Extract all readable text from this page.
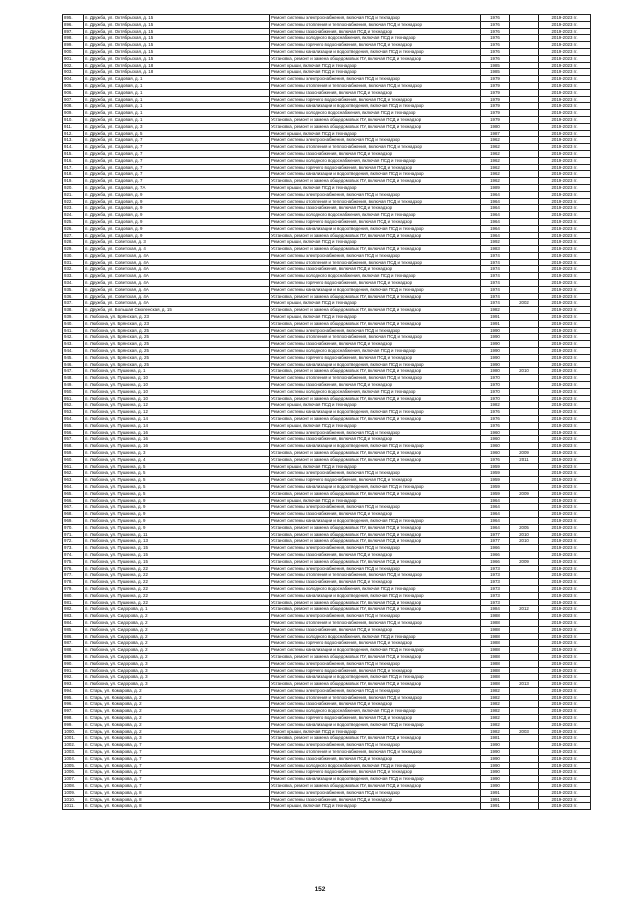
895.	п. Дружба, ул. Октябрьская, д. 15	Ремонт системы электроснабжения, включая ПСД и техпадзор	1976		2019-2023 гг.
896.	п. Дружба, ул. Октябрьская, д. 15	Ремонт системы отопления и теплоснабжения, включая ПСД и технадзор	1976		2019-2023 гг.
897.	п. Дружба, ул. Октябрьская, д. 15	Ремонт системы газоснабжения, включая ПСД и технадзор	1976		2019-2023 гг.
898.	п. Дружба, ул. Октябрьская, д. 15	Ремонт системы холодного водоснабжения, включая ПСД и технадзор	1976		2019-2023 гг.
899.	п. Дружба, ул. Октябрьская, д. 15	Ремонт системы горячего водоснабжения, включая ПСД и технадзор	1976		2019-2023 гг.
900.	п. Дружба, ул. Октябрьская, д. 15	Ремонт системы канализации и водоотведения, включая ПСД и технадзор	1976		2019-2023 гг.
901.	п. Дружба, ул. Октябрьская, д. 15	Установка, ремонт и замена общедомовых ПУ, включая ПСД и технадзор	1976		2019-2023 гг.
902.	п. Дружба, ул. Октябрьская, д. 18	Ремонт крыши, включая ПСД и технадзор	1985		2019-2023 гг.
903.	п. Дружба, ул. Октябрьская, д. 18	Ремонт крыши, включая ПСД и технадзор	1985		2019-2023 гг.
904.	п. Дружба, ул. Садовая, д. 1	Ремонт системы электроснабжения, включая ПСД и технадзор	1979		2019-2023 гг.
905.	п. Дружба, ул. Садовая, д. 1	Ремонт системы отопления и теплоснабжения, включая ПСД и технадзор	1979		2019-2023 гг.
906.	п. Дружба, ул. Садовая, д. 1	Ремонт системы газоснабжения, включая ПСД и технадзор	1979		2019-2023 гг.
907.	п. Дружба, ул. Садовая, д. 1	Ремонт системы горячего водоснабжения, включая ПСД и технадзор	1979		2019-2023 гг.
908.	п. Дружба, ул. Садовая, д. 1	Ремонт системы канализации и водоотведения, включая ПСД и технадзор	1979		2019-2023 гг.
909.	п. Дружба, ул. Садовая, д. 1	Ремонт системы холодного водоснабжения, включая ПСД и технадзор	1979		2019-2023 гг.
910.	п. Дружба, ул. Садовая, д. 1	Установка, ремонт и замена общедомовых ПУ, включая ПСД и технадзор	1979		2019-2023 гг.
911.	п. Дружба, ул. Садовая, д. 3	Установка, ремонт и замена общедомовых ПУ, включая ПСД и технадзор	1980		2019-2023 гг.
912.	п. Дружба, ул. Садовая, д. 5	Ремонт крыши, включая ПСД и технадзор	1987		2019-2023 гг.
913.	п. Дружба, ул. Садовая, д. 7	Ремонт системы электроснабжения, включая ПСД и технадзор	1962		2019-2023 гг.
914.	п. Дружба, ул. Садовая, д. 7	Ремонт системы отопления и теплоснабжения, включая ПСД и технадзор	1962		2019-2023 гг.
915.	п. Дружба, ул. Садовая, д. 7	Ремонт системы газоснабжения, включая ПСД и технадзор	1962		2019-2023 гг.
916.	п. Дружба, ул. Садовая, д. 7	Ремонт системы холодного водоснабжения, включая ПСД и технадзор	1962		2019-2023 гг.
917.	п. Дружба, ул. Садовая, д. 7	Ремонт системы горячего водоснабжения, включая ПСД и технадзор	1962		2019-2023 гг.
918.	п. Дружба, ул. Садовая, д. 7	Ремонт системы канализации и водоотведения, включая ПСД и технадзор	1962		2019-2023 гг.
919.	п. Дружба, ул. Садовая, д. 7	Установка, ремонт и замена общедомовых ПУ, включая ПСД и технадзор	1962		2019-2023 гг.
920.	п. Дружба, ул. Садовая, д. 7А	Ремонт крыши, включая ПСД и технадзор	1989		2019-2023 гг.
921.	п. Дружба, ул. Садовая, д. 9	Ремонт системы электроснабжения, включая ПСД и технадзор	1964		2019-2023 гг.
922.	п. Дружба, ул. Садовая, д. 9	Ремонт системы отопления и теплоснабжения, включая ПСД и технадзор	1964		2019-2023 гг.
923.	п. Дружба, ул. Садовая, д. 9	Ремонт системы газоснабжения, включая ПСД и технадзор	1964		2019-2023 гг.
924.	п. Дружба, ул. Садовая, д. 9	Ремонт системы холодного водоснабжения, включая ПСД и технадзор	1964		2019-2023 гг.
925.	п. Дружба, ул. Садовая, д. 9	Ремонт системы горячего водоснабжения, включая ПСД и технадзор	1964		2019-2023 гг.
926.	п. Дружба, ул. Садовая, д. 9	Ремонт системы канализации и водоотведения, включая ПСД и технадзор	1964		2019-2023 гг.
927.	п. Дружба, ул. Садовая, д. 9	Установка, ремонт и замена общедомовых ПУ, включая ПСД и технадзор	1964		2019-2023 гг.
928.	п. Дружба, ул. Советская, д. 3	Ремонт крыши, включая ПСД и технадзор	1992		2019-2023 гг.
929.	п. Дружба, ул. Советская, д. 4	Установка, ремонт и замена общедомовых ПУ, включая ПСД и технадзор	1983		2019-2023 гг.
930.	п. Дружба, ул. Советская, д. 4А	Ремонт системы электроснабжения, включая ПСД и технадзор	1974		2019-2023 гг.
931.	п. Дружба, ул. Советская, д. 4А	Ремонт системы отопления и теплоснабжения, включая ПСД и технадзор	1974		2019-2023 гг.
932.	п. Дружба, ул. Советская, д. 4А	Ремонт системы газоснабжения, включая ПСД и технадзор	1974		2019-2023 гг.
933.	п. Дружба, ул. Советская, д. 4А	Ремонт системы холодного водоснабжения, включая ПСД и технадзор	1974		2019-2023 гг.
934.	п. Дружба, ул. Советская, д. 4А	Ремонт системы горячего водоснабжения, включая ПСД и технадзор	1974		2019-2023 гг.
935.	п. Дружба, ул. Советская, д. 4А	Ремонт системы канализации и водоотведения, включая ПСД и технадзор	1974		2019-2023 гг.
936.	п. Дружба, ул. Советская, д. 4А	Установка, ремонт и замена общедомовых ПУ, включая ПСД и технадзор	1974		2019-2023 гг.
937.	п. Дружба, ул. Советская, д. 4А	Ремонт крыши, включая ПСД и технадзор	1974	2002	2019-2023 гг.
938.	п. Дружба, ул. Большая Смоленская, д. 15	Установка, ремонт и замена общедомовых ПУ, включая ПСД и технадзор	1982		2019-2023 гг.
939.	п. Любохна, ул. Брянская, д. 23	Ремонт крыши, включая ПСД и технадзор	1991		2019-2023 гг.
940.	п. Любохна, ул. Брянская, д. 23	Установка, ремонт и замена общедомовых ПУ, включая ПСД и технадзор	1991		2019-2023 гг.
941.	п. Любохна, ул. Брянская, д. 25	Ремонт системы электроснабжения, включая ПСД и технадзор	1990		2019-2023 гг.
942.	п. Любохна, ул. Брянская, д. 25	Ремонт системы отопления и теплоснабжения, включая ПСД и технадзор	1990		2019-2023 гг.
943.	п. Любохна, ул. Брянская, д. 25	Ремонт системы газоснабжения, включая ПСД и технадзор	1990		2019-2023 гг.
944.	п. Любохна, ул. Брянская, д. 25	Ремонт системы холодного водоснабжения, включая ПСД и технадзор	1990		2019-2023 гг.
945.	п. Любохна, ул. Брянская, д. 25	Ремонт системы горячего водоснабжения, включая ПСД и технадзор	1990		2019-2023 гг.
946.	п. Любохна, ул. Брянская, д. 25	Ремонт системы канализации и водоотведения, включая ПСД и технадзор	1990		2019-2023 гг.
947.	п. Любохна, ул. Пушкина, д. 1	Установка, ремонт и замена общедомовых ПУ, включая ПСД и технадзор	1980	2010	2019-2023 гг.
948.	п. Любохна, ул. Пушкина, д. 10	Ремонт системы отопления и теплоснабжения, включая ПСД и технадзор	1970		2019-2023 гг.
949.	п. Любохна, ул. Пушкина, д. 10	Ремонт системы газоснабжения, включая ПСД и технадзор	1970		2019-2023 гг.
950.	п. Любохна, ул. Пушкина, д. 10	Ремонт системы холодного водоснабжения, включая ПСД и технадзор	1970		2019-2023 гг.
951.	п. Любохна, ул. Пушкина, д. 10	Установка, ремонт и замена общедомовых ПУ, включая ПСД и технадзор	1970		2019-2023 гг.
952.	п. Любохна, ул. Пушкина, д. 12	Ремонт крыши, включая ПСД и технадзор	1982		2019-2023 гг.
953.	п. Любохна, ул. Пушкина, д. 12	Ремонт системы канализации и водоотведения, включая ПСД и технадзор	1976		2019-2023 гг.
954.	п. Любохна, ул. Пушкина, д. 14	Установка, ремонт и замена общедомовых ПУ, включая ПСД и технадзор	1976		2019-2023 гг.
955.	п. Любохна, ул. Пушкина, д. 14	Ремонт крыши, включая ПСД и технадзор	1976		2019-2023 гг.
956.	п. Любохна, ул. Пушкина, д. 16	Ремонт системы электроснабжения, включая ПСД и технадзор	1960		2019-2023 гг.
957.	п. Любохна, ул. Пушкина, д. 16	Ремонт системы газоснабжения, включая ПСД и технадзор	1960		2019-2023 гг.
958.	п. Любохна, ул. Пушкина, д. 16	Ремонт системы канализации и водоотведения, включая ПСД и технадзор	1960		2019-2023 гг.
959.	п. Любохна, ул. Пушкина, д. 3	Установка, ремонт и замена общедомовых ПУ, включая ПСД и технадзор	1960	2009	2019-2023 гг.
960.	п. Любохна, ул. Пушкина, д. 4	Установка, ремонт и замена общедомовых ПУ, включая ПСД и технадзор	1976	2011	2019-2023 гг.
961.	п. Любохна, ул. Пушкина, д. 5	Ремонт крыши, включая ПСД и технадзор	1959		2019-2023 гг.
962.	п. Любохна, ул. Пушкина, д. 5	Ремонт системы электроснабжения, включая ПСД и технадзор	1959		2019-2023 гг.
963.	п. Любохна, ул. Пушкина, д. 5	Ремонт системы горячего водоснабжения, включая ПСД и технадзор	1959		2019-2023 гг.
964.	п. Любохна, ул. Пушкина, д. 5	Ремонт системы канализации и водоотведения, включая ПСД и технадзор	1959		2019-2023 гг.
965.	п. Любохна, ул. Пушкина, д. 5	Установка, ремонт и замена общедомовых ПУ, включая ПСД и технадзор	1959	2009	2019-2023 гг.
966.	п. Любохна, ул. Пушкина, д. 9	Ремонт крыши, включая ПСД и технадзор	1964		2019-2023 гг.
967.	п. Любохна, ул. Пушкина, д. 9	Ремонт системы электроснабжения, включая ПСД и технадзор	1964		2019-2023 гг.
968.	п. Любохна, ул. Пушкина, д. 9	Ремонт системы газоснабжения, включая ПСД и технадзор	1964		2019-2023 гг.
969.	п. Любохна, ул. Пушкина, д. 9	Ремонт системы канализации и водоотведения, включая ПСД и технадзор	1964		2019-2023 гг.
970.	п. Любохна, ул. Пушкина, д. 9	Установка, ремонт и замена общедомовых ПУ, включая ПСД и технадзор	1964	2005	2019-2023 гг.
971.	п. Любохна, ул. Пушкина, д. 11	Установка, ремонт и замена общедомовых ПУ, включая ПСД и технадзор	1977	2010	2019-2023 гг.
972.	п. Любохна, ул. Пушкина, д. 13	Установка, ремонт и замена общедомовых ПУ, включая ПСД и технадзор	1977	2010	2019-2023 гг.
973.	п. Любохна, ул. Пушкина, д. 15	Ремонт системы электроснабжения, включая ПСД и технадзор	1966		2019-2023 гг.
974.	п. Любохна, ул. Пушкина, д. 15	Ремонт системы газоснабжения, включая ПСД и технадзор	1966		2019-2023 гг.
975.	п. Любохна, ул. Пушкина, д. 15	Установка, ремонт и замена общедомовых ПУ, включая ПСД и технадзор	1966	2009	2019-2023 гг.
976.	п. Любохна, ул. Пушкина, д. 22	Ремонт системы электроснабжения, включая ПСД и технадзор	1973		2019-2023 гг.
977.	п. Любохна, ул. Пушкина, д. 22	Ремонт системы отопления и теплоснабжения, включая ПСД и технадзор	1973		2019-2023 гг.
978.	п. Любохна, ул. Пушкина, д. 22	Ремонт системы газоснабжения, включая ПСД и технадзор	1973		2019-2023 гг.
979.	п. Любохна, ул. Пушкина, д. 22	Ремонт системы холодного водоснабжения, включая ПСД и технадзор	1973		2019-2023 гг.
980.	п. Любохна, ул. Пушкина, д. 22	Ремонт системы канализации и водоотведения, включая ПСД и технадзор	1973		2019-2023 гг.
981.	п. Любохна, ул. Пушкина, д. 22	Установка, ремонт и замена общедомовых ПУ, включая ПСД и технадзор	1973		2019-2023 гг.
982.	п. Любохна, ул. Сидорова, д. 1	Установка, ремонт и замена общедомовых ПУ, включая ПСД и технадзор	1984	2012	2019-2023 гг.
983.	п. Любохна, ул. Сидорова, д. 2	Ремонт системы электроснабжения, включая ПСД и технадзор	1988		2019-2023 гг.
984.	п. Любохна, ул. Сидорова, д. 2	Ремонт системы отопления и теплоснабжения, включая ПСД и технадзор	1988		2019-2023 гг.
985.	п. Любохна, ул. Сидорова, д. 2	Ремонт системы газоснабжения, включая ПСД и технадзор	1988		2019-2023 гг.
986.	п. Любохна, ул. Сидорова, д. 2	Ремонт системы холодного водоснабжения, включая ПСД и технадзор	1988		2019-2023 гг.
987.	п. Любохна, ул. Сидорова, д. 2	Ремонт системы горячего водоснабжения, включая ПСД и технадзор	1988		2019-2023 гг.
988.	п. Любохна, ул. Сидорова, д. 2	Ремонт системы канализации и водоотведения, включая ПСД и технадзор	1988		2019-2023 гг.
989.	п. Любохна, ул. Сидорова, д. 2	Установка, ремонт и замена общедомовых ПУ, включая ПСД и технадзор	1988		2019-2023 гг.
990.	п. Любохна, ул. Сидорова, д. 3	Ремонт системы электроснабжения, включая ПСД и технадзор	1988		2019-2023 гг.
991.	п. Любохна, ул. Сидорова, д. 3	Ремонт системы горячего водоснабжения, включая ПСД и технадзор	1988		2019-2023 гг.
992.	п. Любохна, ул. Сидорова, д. 3	Ремонт системы канализации и водоотведения, включая ПСД и технадзор	1988		2019-2023 гг.
993.	п. Любохна, ул. Сидорова, д. 3	Установка, ремонт и замена общедомовых ПУ, включая ПСД и технадзор	1988	2013	2019-2023 гг.
994.	п. Старь, ул. Комарова, д. 2	Ремонт системы электроснабжения, включая ПСД и технадзор	1982		2019-2023 гг.
995.	п. Старь, ул. Комарова, д. 2	Ремонт системы отопления и теплоснабжения, включая ПСД и технадзор	1982		2019-2023 гг.
996.	п. Старь, ул. Комарова, д. 2	Ремонт системы газоснабжения, включая ПСД и технадзор	1982		2019-2023 гг.
997.	п. Старь, ул. Комарова, д. 2	Ремонт системы холодного водоснабжения, включая ПСД и технадзор	1982		2019-2023 гг.
998.	п. Старь, ул. Комарова, д. 2	Ремонт системы горячего водоснабжения, включая ПСД и технадзор	1982		2019-2023 гг.
999.	п. Старь, ул. Комарова, д. 2	Ремонт системы канализации и водоотведения, включая ПСД и технадзор	1982		2019-2023 гг.
1000.	п. Старь, ул. Комарова, д. 2	Ремонт крыши, включая ПСД и технадзор	1982	2003	2019-2023 гг.
1001.	п. Старь, ул. Комарова, д. 3	Установка, ремонт и замена общедомовых ПУ, включая ПСД и технадзор	1981		2019-2023 гг.
1002.	п. Старь, ул. Комарова, д. 7	Ремонт системы электроснабжения, включая ПСД и технадзор	1990		2019-2023 гг.
1003.	п. Старь, ул. Комарова, д. 7	Ремонт системы отопления и теплоснабжения, включая ПСД и технадзор	1990		2019-2023 гг.
1004.	п. Старь, ул. Комарова, д. 7	Ремонт системы газоснабжения, включая ПСД и технадзор	1990		2019-2023 гг.
1005.	п. Старь, ул. Комарова, д. 7	Ремонт системы холодного водоснабжения, включая ПСД и технадзор	1990		2019-2023 гг.
1006.	п. Старь, ул. Комарова, д. 7	Ремонт системы горячего водоснабжения, включая ПСД и технадзор	1990		2019-2023 гг.
1007.	п. Старь, ул. Комарова, д. 7	Ремонт системы канализации и водоотведения, включая ПСД и технадзор	1990		2019-2023 гг.
1008.	п. Старь, ул. Комарова, д. 7	Установка, ремонт и замена общедомовых ПУ, включая ПСД и технадзор	1990		2019-2023 гг.
1009.	п. Старь, ул. Комарова, д. 8	Ремонт системы электроснабжения, включая ПСД и технадзор	1991		2019-2023 гг.
1010.	п. Старь, ул. Комарова, д. 8	Ремонт системы газоснабжения, включая ПСД и технадзор	1991		2019-2023 гг.
1011.	п. Старь, ул. Комарова, д. 8	Ремонт крыши, включая ПСД и технадзор	1991		2019-2023 гг.
152
